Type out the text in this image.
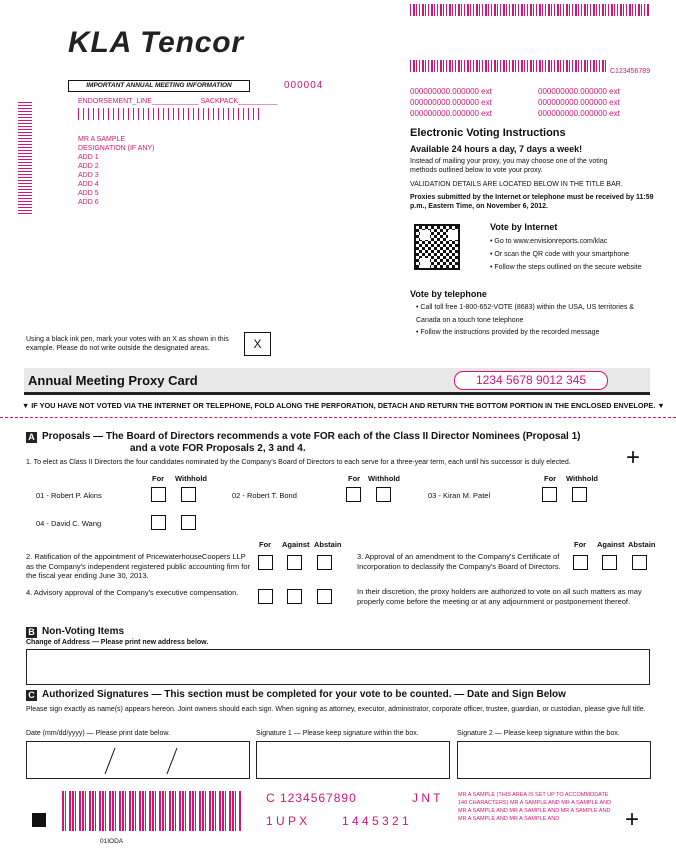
KLA Tencor
C123456789
IMPORTANT ANNUAL MEETING INFORMATION	000004
ENDORSEMENT_LINE____________ SACKPACK__________
MR A SAMPLE
DESIGNATION (IF ANY)
ADD 1
ADD 2
ADD 3
ADD 4
ADD 5
ADD 6
000000000.000000 ext
000000000.000000 ext
000000000.000000 ext
000000000.000000 ext
000000000.000000 ext
000000000.000000 ext
Electronic Voting Instructions
Available 24 hours a day, 7 days a week!
Instead of mailing your proxy, you may choose one of the voting methods outlined below to vote your proxy.
VALIDATION DETAILS ARE LOCATED BELOW IN THE TITLE BAR.
Proxies submitted by the Internet or telephone must be received by 11:59 p.m., Eastern Time, on November 6, 2012.
Vote by Internet
• Go to www.envisionreports.com/klac
• Or scan the QR code with your smartphone
• Follow the steps outlined on the secure website
Vote by telephone
• Call toll free 1-800-652-VOTE (8683) within the USA, US territories & Canada on a touch tone telephone
• Follow the instructions provided by the recorded message
Using a black ink pen, mark your votes with an X as shown in this example. Please do not write outside the designated areas.	X
Annual Meeting Proxy Card	1234 5678 9012 345
▼ IF YOU HAVE NOT VOTED VIA THE INTERNET OR TELEPHONE, FOLD ALONG THE PERFORATION, DETACH AND RETURN THE BOTTOM PORTION IN THE ENCLOSED ENVELOPE. ▼
A Proposals — The Board of Directors recommends a vote FOR each of the Class II Director Nominees (Proposal 1)
and a vote FOR Proposals 2, 3 and 4.
1. To elect as Class II Directors the four candidates nominated by the Company's Board of Directors to each serve for a three-year term, each until his successor is duly elected. +
For Withhold	For Withhold	For Withhold
01 - Robert P. Akins	02 - Robert T. Bond	03 - Kiran M. Patel
04 - David C. Wang
For Against Abstain	For Against Abstain
2. Ratification of the appointment of PricewaterhouseCoopers LLP as the Company's independent registered public accounting firm for the fiscal year ending June 30, 2013.
3. Approval of an amendment to the Company's Certificate of Incorporation to declassify the Company's Board of Directors.
4. Advisory approval of the Company's executive compensation.	In their discretion, the proxy holders are authorized to vote on all such matters as may properly come before the meeting or at any adjournment or postponement thereof.
B Non-Voting Items
Change of Address — Please print new address below.
C Authorized Signatures — This section must be completed for your vote to be counted. — Date and Sign Below
Please sign exactly as name(s) appears hereon. Joint owners should each sign. When signing as attorney, executor, administrator, corporate officer, trustee, guardian, or custodian, please give full title.
Date (mm/dd/yyyy) — Please print date below.	Signature 1 — Please keep signature within the box.	Signature 2 — Please keep signature within the box.
C 1234567890	J N T
1 U P X	1 4 4 5 3 2 1
MR A SAMPLE (THIS AREA IS SET UP TO ACCOMMODATE 140 CHARACTERS) MR A SAMPLE AND MR A SAMPLE AND MR A SAMPLE AND MR A SAMPLE AND MR A SAMPLE AND MR A SAMPLE AND MR A SAMPLE AND	+
01IODA
